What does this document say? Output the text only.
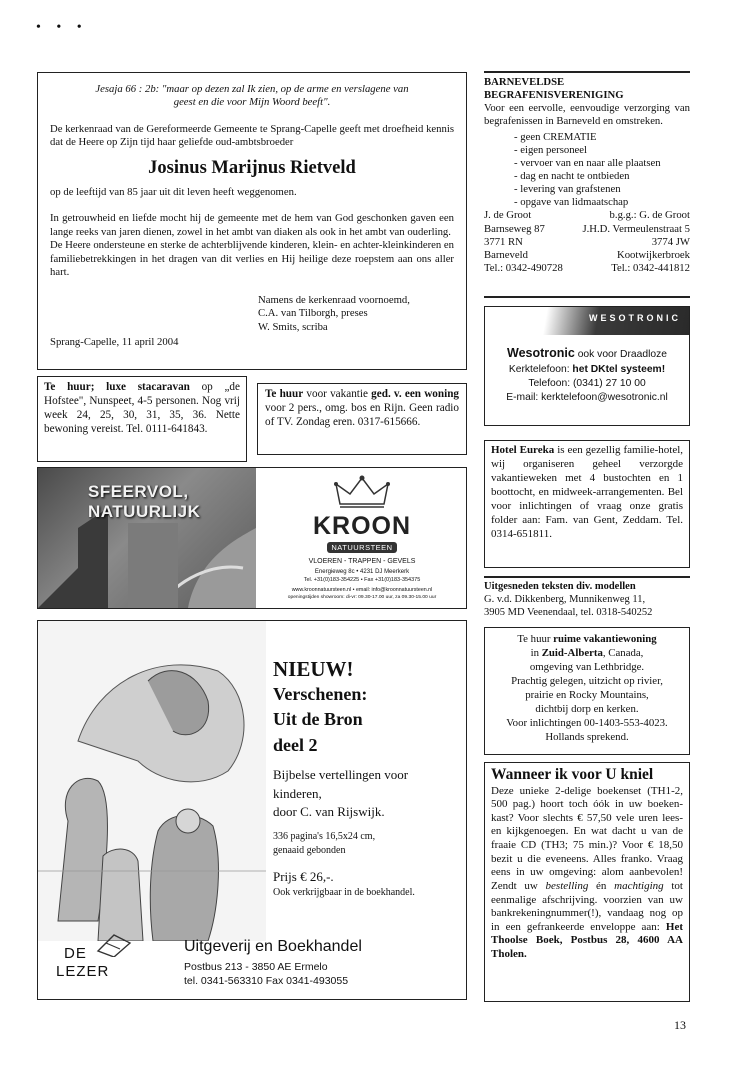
• • •

Jesaja 66 : 2b: "maar op dezen zal Ik zien, op de arme en verslagene van
geest en die voor Mijn Woord beeft".

De kerkenraad van de Gereformeerde Gemeente te Sprang-Capelle geeft met droefheid kennis dat de Heere op Zijn tijd haar geliefde oud-ambtsbroeder

Josinus Marijnus Rietveld

op de leeftijd van 85 jaar uit dit leven heeft weggenomen.

In getrouwheid en liefde mocht hij de gemeente met de hem van God geschonken gaven een lange reeks van jaren dienen, zowel in het ambt van diaken als ook in het ambt van ouderling.

De Heere ondersteune en sterke de achterblijvende kinderen, klein- en achter-kleinkinderen en familiebetrekkingen in het dragen van dit verlies en Hij heilige deze roepstem aan ons aller hart.

Namens de kerkenraad voornoemd,
C.A. van Tilborgh, preses
W. Smits, scriba

Sprang-Capelle, 11 april 2004

Te huur; luxe stacaravan op „de Hofstee", Nunspeet, 4-5 personen. Nog vrij week 24, 25, 30, 31, 35, 36. Nette bewoning vereist. Tel. 0111-641843.
Te huur voor vakantie ged. v. een woning voor 2 pers., omg. bos en Rijn. Geen radio of TV. Zondag eren. 0317-615666.
SFEERVOL,
NATUURLIJK
KROON
NATUURSTEEN
VLOEREN - TRAPPEN - GEVELS
Energieweg 8c • 4231 DJ Meerkerk
Tel. +31(0)183-354225 • Fax +31(0)183-354375
www.kroonnatuursteen.nl • email: info@kroonnatuursteen.nl
openingstijden showroom: di-vr: 09.30-17.00 uur, za 09.30-15.00 uur
NIEUW!
Verschenen:
Uit de Bron
deel 2
Bijbelse vertellingen voor
kinderen,
door C. van Rijswijk.
336 pagina's 16,5x24 cm,
genaaid gebonden
Prijs € 26,-.
Ook verkrijgbaar in de boekhandel.
DE
LEZER
Uitgeverij en Boekhandel
Postbus 213 - 3850 AE Ermelo
tel. 0341-563310 Fax 0341-493055
BARNEVELDSE
BEGRAFENISVERENIGING

Voor een eervolle, eenvoudige verzorging van begrafenissen in Barneveld en omstreken.

- geen CREMATIE
- eigen personeel
- vervoer van en naar alle plaatsen
- dag en nacht te ontbieden
- levering van grafstenen
- opgave van lidmaatschap
J. de Groot
Barnseweg 87
3771 RN
Barneveld
Tel.: 0342-490728
b.g.g.: G. de Groot
J.H.D. Vermeulenstraat 5
3774 JW
Kootwijkerbroek
Tel.: 0342-441812
WESOTRONIC
Wesotronic ook voor Draadloze
Kerktelefoon: het DKtel systeem!
Telefoon: (0341) 27 10 00
E-mail: kerktelefoon@wesotronic.nl
Hotel Eureka is een gezellig familie-hotel, wij organiseren geheel verzorgde vakantieweken met 4 bustochten en 1 boottocht, en midweek-arrangementen. Bel voor inlichtingen of vraag onze gratis folder aan: Fam. van Gent, Zeddam. Tel. 0314-651811.
Uitgesneden teksten div. modellen
G. v.d. Dikkenberg, Munnikenweg 11,
3905 MD Veenendaal, tel. 0318-540252
Te huur ruime vakantiewoning
in Zuid-Alberta, Canada,
omgeving van Lethbridge.
Prachtig gelegen, uitzicht op rivier,
prairie en Rocky Mountains,
dichtbij dorp en kerken.
Voor inlichtingen 00-1403-553-4023.
Hollands sprekend.
Wanneer ik voor U kniel

Deze unieke 2-delige boekenset (TH1-2, 500 pag.) hoort toch óók in uw boeken-kast? Voor slechts € 57,50 vele uren lees- en kijkgenoegen. En wat dacht u van de fraaie CD (TH3; 75 min.)? Voor € 18,50 bezit u die eveneens. Alles franko. Vraag eens in uw omgeving: alom aanbevolen! Zendt uw bestelling én machtiging tot eenmalige afschrijving. voorzien van uw bankrekeningnummer(!), vandaag nog op in een gefrankeerde enveloppe aan: Het Thoolse Boek, Postbus 28, 4600 AA Tholen.

13
